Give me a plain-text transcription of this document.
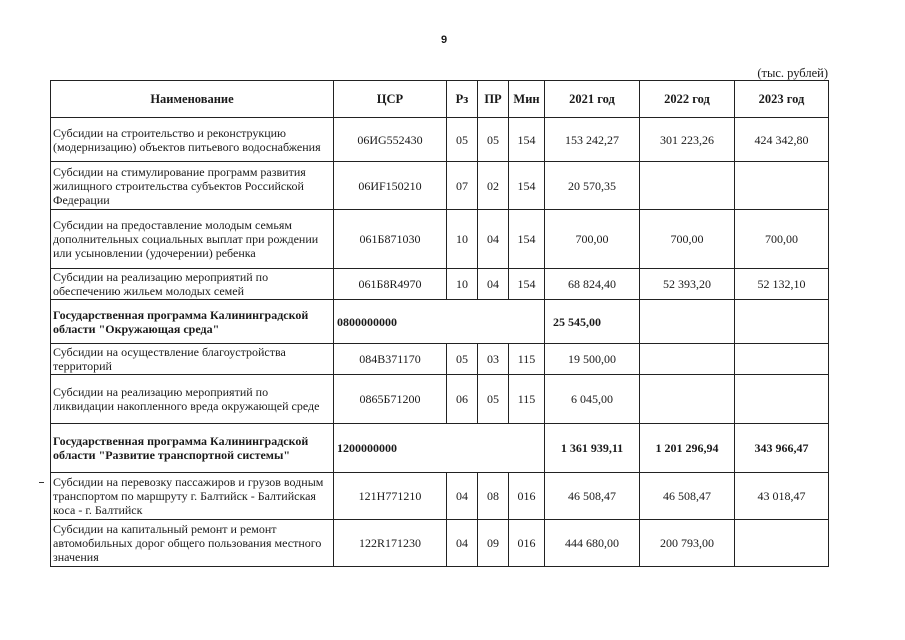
9
(тыс. рублей)
Наименование	ЦСР	Рз	ПР	Мин	2021 год	2022 год	2023 год
Субсидии на строительство и реконструкцию (модернизацию) объектов питьевого водоснабжения	06ИG552430	05	05	154	153 242,27	301 223,26	424 342,80
Субсидии на стимулирование программ развития жилищного строительства субъектов Российской Федерации	06ИF150210	07	02	154	20 570,35		
Субсидии на предоставление молодым семьям дополнительных социальных выплат при рождении или усыновлении (удочерении) ребенка	061Б871030	10	04	154	700,00	700,00	700,00
Субсидии на реализацию мероприятий по обеспечению жильем молодых семей	061Б8R4970	10	04	154	68 824,40	52 393,20	52 132,10
Государственная программа Калининградской области "Окружающая среда"	0800000000				25 545,00		
Субсидии на осуществление благоустройства территорий	084B371170	05	03	115	19 500,00		
Субсидии на реализацию мероприятий по ликвидации накопленного вреда окружающей среде	0865Б71200	06	05	115	6 045,00		
Государственная программа Калининградской области "Развитие транспортной системы"	1200000000				1 361 939,11	1 201 296,94	343 966,47
Субсидии на перевозку пассажиров и грузов водным транспортом по маршруту г. Балтийск - Балтийская коса - г. Балтийск	121H771210	04	08	016	46 508,47	46 508,47	43 018,47
Субсидии на капитальный ремонт и ремонт автомобильных дорог общего пользования местного значения	122R171230	04	09	016	444 680,00	200 793,00	
